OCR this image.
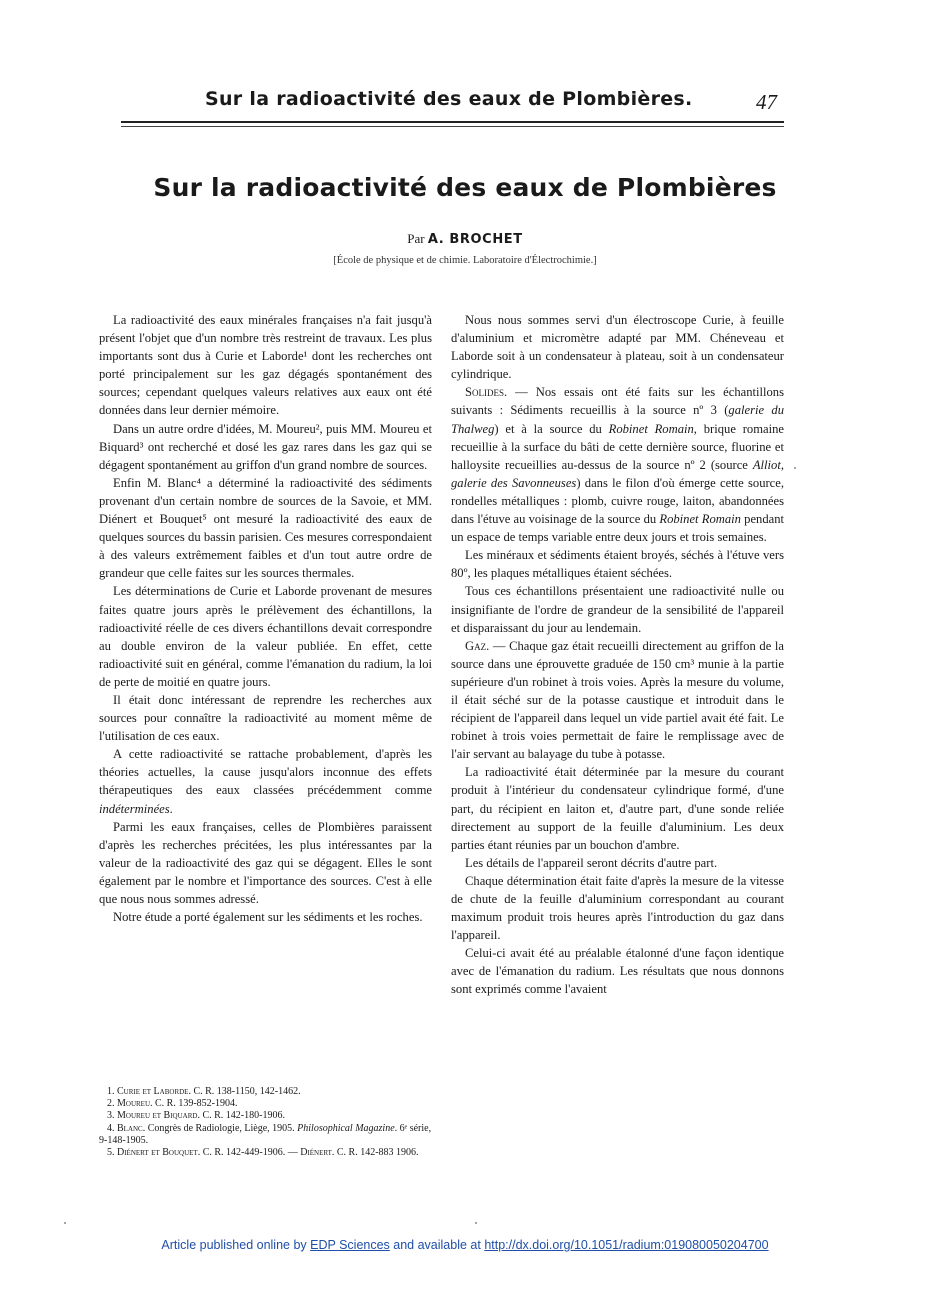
Sur la radioactivité des eaux de Plombières.	47
Sur la radioactivité des eaux de Plombières
Par A. BROCHET
[École de physique et de chimie. Laboratoire d'Électrochimie.]

La radioactivité des eaux minérales françaises n'a fait jusqu'à présent l'objet que d'un nombre très restreint de travaux. Les plus importants sont dus à Curie et Laborde¹ dont les recherches ont porté principalement sur les gaz dégagés spontanément des sources; cependant quelques valeurs relatives aux eaux ont été données dans leur dernier mémoire.

Dans un autre ordre d'idées, M. Moureu², puis MM. Moureu et Biquard³ ont recherché et dosé les gaz rares dans les gaz qui se dégagent spontanément au griffon d'un grand nombre de sources.

Enfin M. Blanc⁴ a déterminé la radioactivité des sédiments provenant d'un certain nombre de sources de la Savoie, et MM. Diénert et Bouquet⁵ ont mesuré la radioactivité des eaux de quelques sources du bassin parisien. Ces mesures correspondaient à des valeurs extrêmement faibles et d'un tout autre ordre de grandeur que celle faites sur les sources thermales.

Les déterminations de Curie et Laborde provenant de mesures faites quatre jours après le prélèvement des échantillons, la radioactivité réelle de ces divers échantillons devait correspondre au double environ de la valeur publiée. En effet, cette radioactivité suit en général, comme l'émanation du radium, la loi de perte de moitié en quatre jours.

Il était donc intéressant de reprendre les recherches aux sources pour connaître la radioactivité au moment même de l'utilisation de ces eaux.

A cette radioactivité se rattache probablement, d'après les théories actuelles, la cause jusqu'alors inconnue des effets thérapeutiques des eaux classées précédemment comme indéterminées.

Parmi les eaux françaises, celles de Plombières paraissent d'après les recherches précitées, les plus intéressantes par la valeur de la radioactivité des gaz qui se dégagent. Elles le sont également par le nombre et l'importance des sources. C'est à elle que nous nous sommes adressé.

Notre étude a porté également sur les sédiments et les roches.

1. Curie et Laborde. C. R. 138-1150, 142-1462.
2. Moureu. C. R. 139-852-1904.
3. Moureu et Biquard. C. R. 142-180-1906.
4. Blanc. Congrès de Radiologie, Liège, 1905. Philosophical Magazine. 6ᵉ série, 9-148-1905.
5. Diénert et Bouquet. C. R. 142-449-1906. — Diénert. C. R. 142-883 1906.

Nous nous sommes servi d'un électroscope Curie, à feuille d'aluminium et micromètre adapté par MM. Chéneveau et Laborde soit à un condensateur à plateau, soit à un condensateur cylindrique.

Solides. — Nos essais ont été faits sur les échantillons suivants : Sédiments recueillis à la source nº 3 (galerie du Thalweg) et à la source du Robinet Romain, brique romaine recueillie à la surface du bâti de cette dernière source, fluorine et halloysite recueillies au-dessus de la source nº 2 (source Alliot, galerie des Savonneuses) dans le filon d'où émerge cette source, rondelles métalliques : plomb, cuivre rouge, laiton, abandonnées dans l'étuve au voisinage de la source du Robinet Romain pendant un espace de temps variable entre deux jours et trois semaines.

Les minéraux et sédiments étaient broyés, séchés à l'étuve vers 80º, les plaques métalliques étaient séchées.

Tous ces échantillons présentaient une radioactivité nulle ou insignifiante de l'ordre de grandeur de la sensibilité de l'appareil et disparaissant du jour au lendemain.

Gaz. — Chaque gaz était recueilli directement au griffon de la source dans une éprouvette graduée de 150 cm³ munie à la partie supérieure d'un robinet à trois voies. Après la mesure du volume, il était séché sur de la potasse caustique et introduit dans le récipient de l'appareil dans lequel un vide partiel avait été fait. Le robinet à trois voies permettait de faire le remplissage avec de l'air servant au balayage du tube à potasse.

La radioactivité était déterminée par la mesure du courant produit à l'intérieur du condensateur cylindrique formé, d'une part, du récipient en laiton et, d'autre part, d'une sonde reliée directement au support de la feuille d'aluminium. Les deux parties étant réunies par un bouchon d'ambre.

Les détails de l'appareil seront décrits d'autre part.

Chaque détermination était faite d'après la mesure de la vitesse de chute de la feuille d'aluminium correspondant au courant maximum produit trois heures après l'introduction du gaz dans l'appareil.

Celui-ci avait été au préalable étalonné d'une façon identique avec de l'émanation du radium. Les résultats que nous donnons sont exprimés comme l'avaient

Article published online by EDP Sciences and available at http://dx.doi.org/10.1051/radium:019080050204700
